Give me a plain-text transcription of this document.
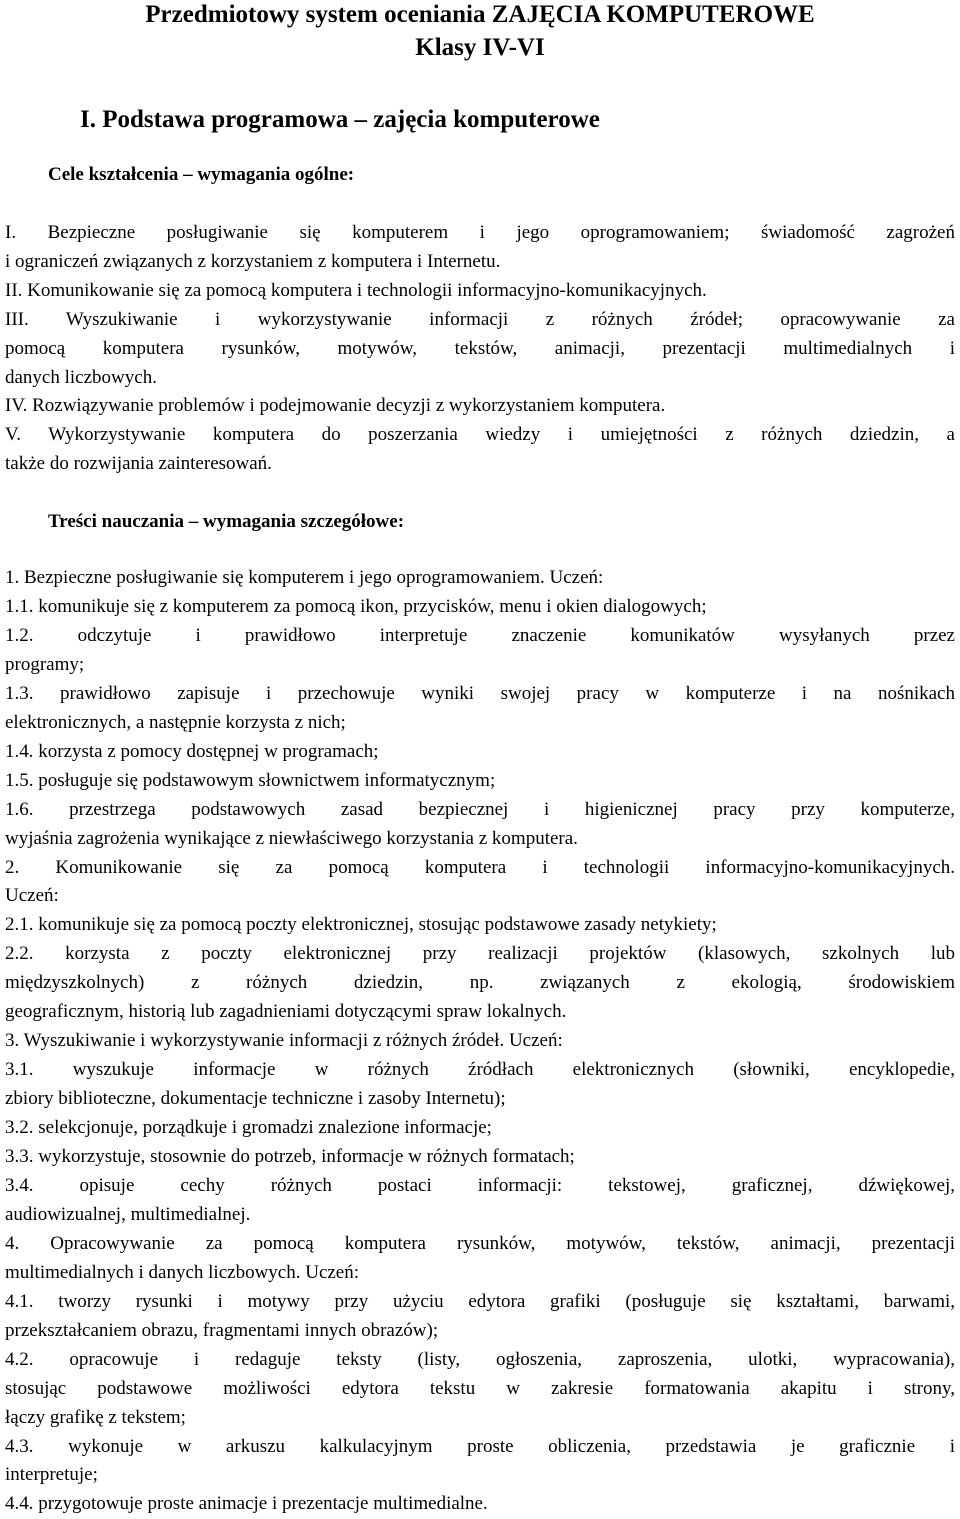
Przedmiotowy system oceniania ZAJĘCIA KOMPUTEROWE
Klasy IV-VI
I. Podstawa programowa – zajęcia komputerowe
Cele kształcenia – wymagania ogólne:
I. Bezpieczne posługiwanie się komputerem i jego oprogramowaniem; świadomość zagrożeń
i ograniczeń związanych z korzystaniem z komputera i Internetu.
II. Komunikowanie się za pomocą komputera i technologii informacyjno-komunikacyjnych.
III. Wyszukiwanie i wykorzystywanie informacji z różnych źródeł; opracowywanie za
pomocą komputera rysunków, motywów, tekstów, animacji, prezentacji multimedialnych i
danych liczbowych.
IV. Rozwiązywanie problemów i podejmowanie decyzji z wykorzystaniem komputera.
V. Wykorzystywanie komputera do poszerzania wiedzy i umiejętności z różnych dziedzin, a
także do rozwijania zainteresowań.
Treści nauczania – wymagania szczegółowe:
1. Bezpieczne posługiwanie się komputerem i jego oprogramowaniem. Uczeń:
1.1. komunikuje się z komputerem za pomocą ikon, przycisków, menu i okien dialogowych;
1.2. odczytuje i prawidłowo interpretuje znaczenie komunikatów wysyłanych przez
programy;
1.3. prawidłowo zapisuje i przechowuje wyniki swojej pracy w komputerze i na nośnikach
elektronicznych, a następnie korzysta z nich;
1.4. korzysta z pomocy dostępnej w programach;
1.5. posługuje się podstawowym słownictwem informatycznym;
1.6. przestrzega podstawowych zasad bezpiecznej i higienicznej pracy przy komputerze,
wyjaśnia zagrożenia wynikające z niewłaściwego korzystania z komputera.
2. Komunikowanie się za pomocą komputera i technologii informacyjno-komunikacyjnych.
Uczeń:
2.1. komunikuje się za pomocą poczty elektronicznej, stosując podstawowe zasady netykiety;
2.2. korzysta z poczty elektronicznej przy realizacji projektów (klasowych, szkolnych lub
międzyszkolnych) z różnych dziedzin, np. związanych z ekologią, środowiskiem
geograficznym, historią lub zagadnieniami dotyczącymi spraw lokalnych.
3. Wyszukiwanie i wykorzystywanie informacji z różnych źródeł. Uczeń:
3.1. wyszukuje informacje w różnych źródłach elektronicznych (słowniki, encyklopedie,
zbiory biblioteczne, dokumentacje techniczne i zasoby Internetu);
3.2. selekcjonuje, porządkuje i gromadzi znalezione informacje;
3.3. wykorzystuje, stosownie do potrzeb, informacje w różnych formatach;
3.4. opisuje cechy różnych postaci informacji: tekstowej, graficznej, dźwiękowej,
audiowizualnej, multimedialnej.
4. Opracowywanie za pomocą komputera rysunków, motywów, tekstów, animacji, prezentacji
multimedialnych i danych liczbowych. Uczeń:
4.1. tworzy rysunki i motywy przy użyciu edytora grafiki (posługuje się kształtami, barwami,
przekształcaniem obrazu, fragmentami innych obrazów);
4.2. opracowuje i redaguje teksty (listy, ogłoszenia, zaproszenia, ulotki, wypracowania),
stosując podstawowe możliwości edytora tekstu w zakresie formatowania akapitu i strony,
łączy grafikę z tekstem;
4.3. wykonuje w arkuszu kalkulacyjnym proste obliczenia, przedstawia je graficznie i
interpretuje;
4.4. przygotowuje proste animacje i prezentacje multimedialne.
